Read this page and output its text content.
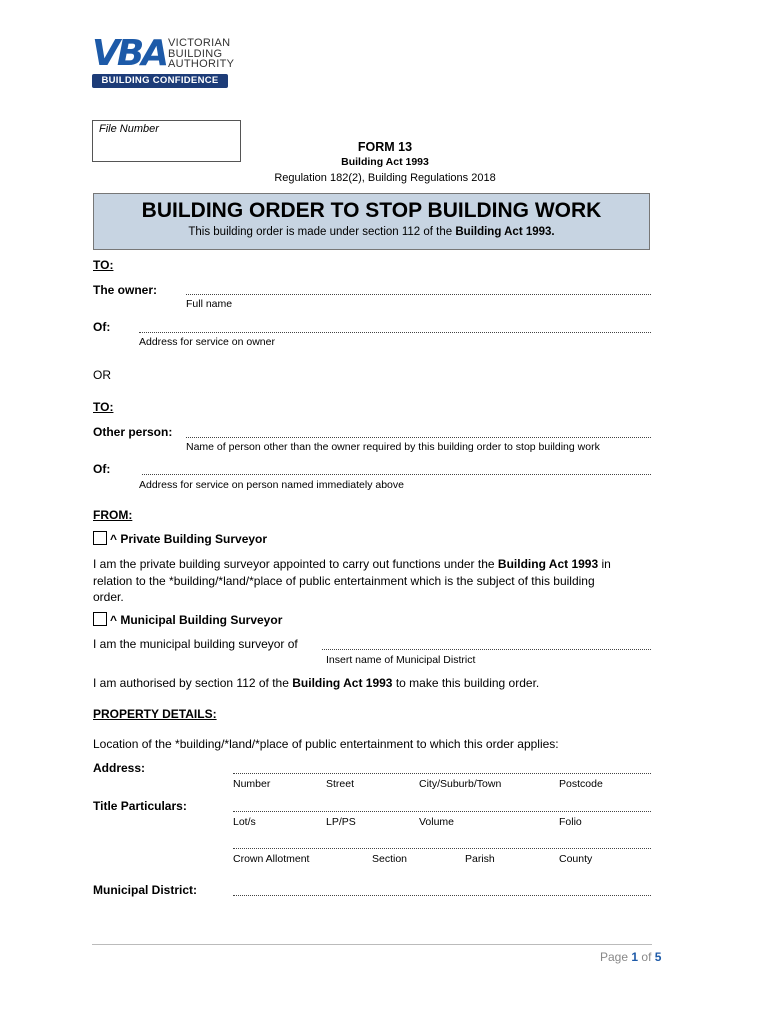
VBA VICTORIAN
BUILDING
AUTHORITY
BUILDING CONFIDENCE
File Number
FORM 13
Building Act 1993
Regulation 182(2), Building Regulations 2018
BUILDING ORDER TO STOP BUILDING WORK
This building order is made under section 112 of the Building Act 1993.
TO:
The owner:
Full name
Of:
Address for service on owner
OR
TO:
Other person:
Name of person other than the owner required by this building order to stop building work
Of:
Address for service on person named immediately above
FROM:
^ Private Building Surveyor
I am the private building surveyor appointed to carry out functions under the Building Act 1993 in
relation to the *building/*land/*place of public entertainment which is the subject of this building
order.
^ Municipal Building Surveyor
I am the municipal building surveyor of
Insert name of Municipal District
I am authorised by section 112 of the Building Act 1993 to make this building order.
PROPERTY DETAILS:
Location of the *building/*land/*place of public entertainment to which this order applies:
Address:
Number	Street	City/Suburb/Town	Postcode
Title Particulars:
Lot/s	LP/PS	Volume	Folio
Crown Allotment	Section	Parish	County
Municipal District:
Page 1 of 5
